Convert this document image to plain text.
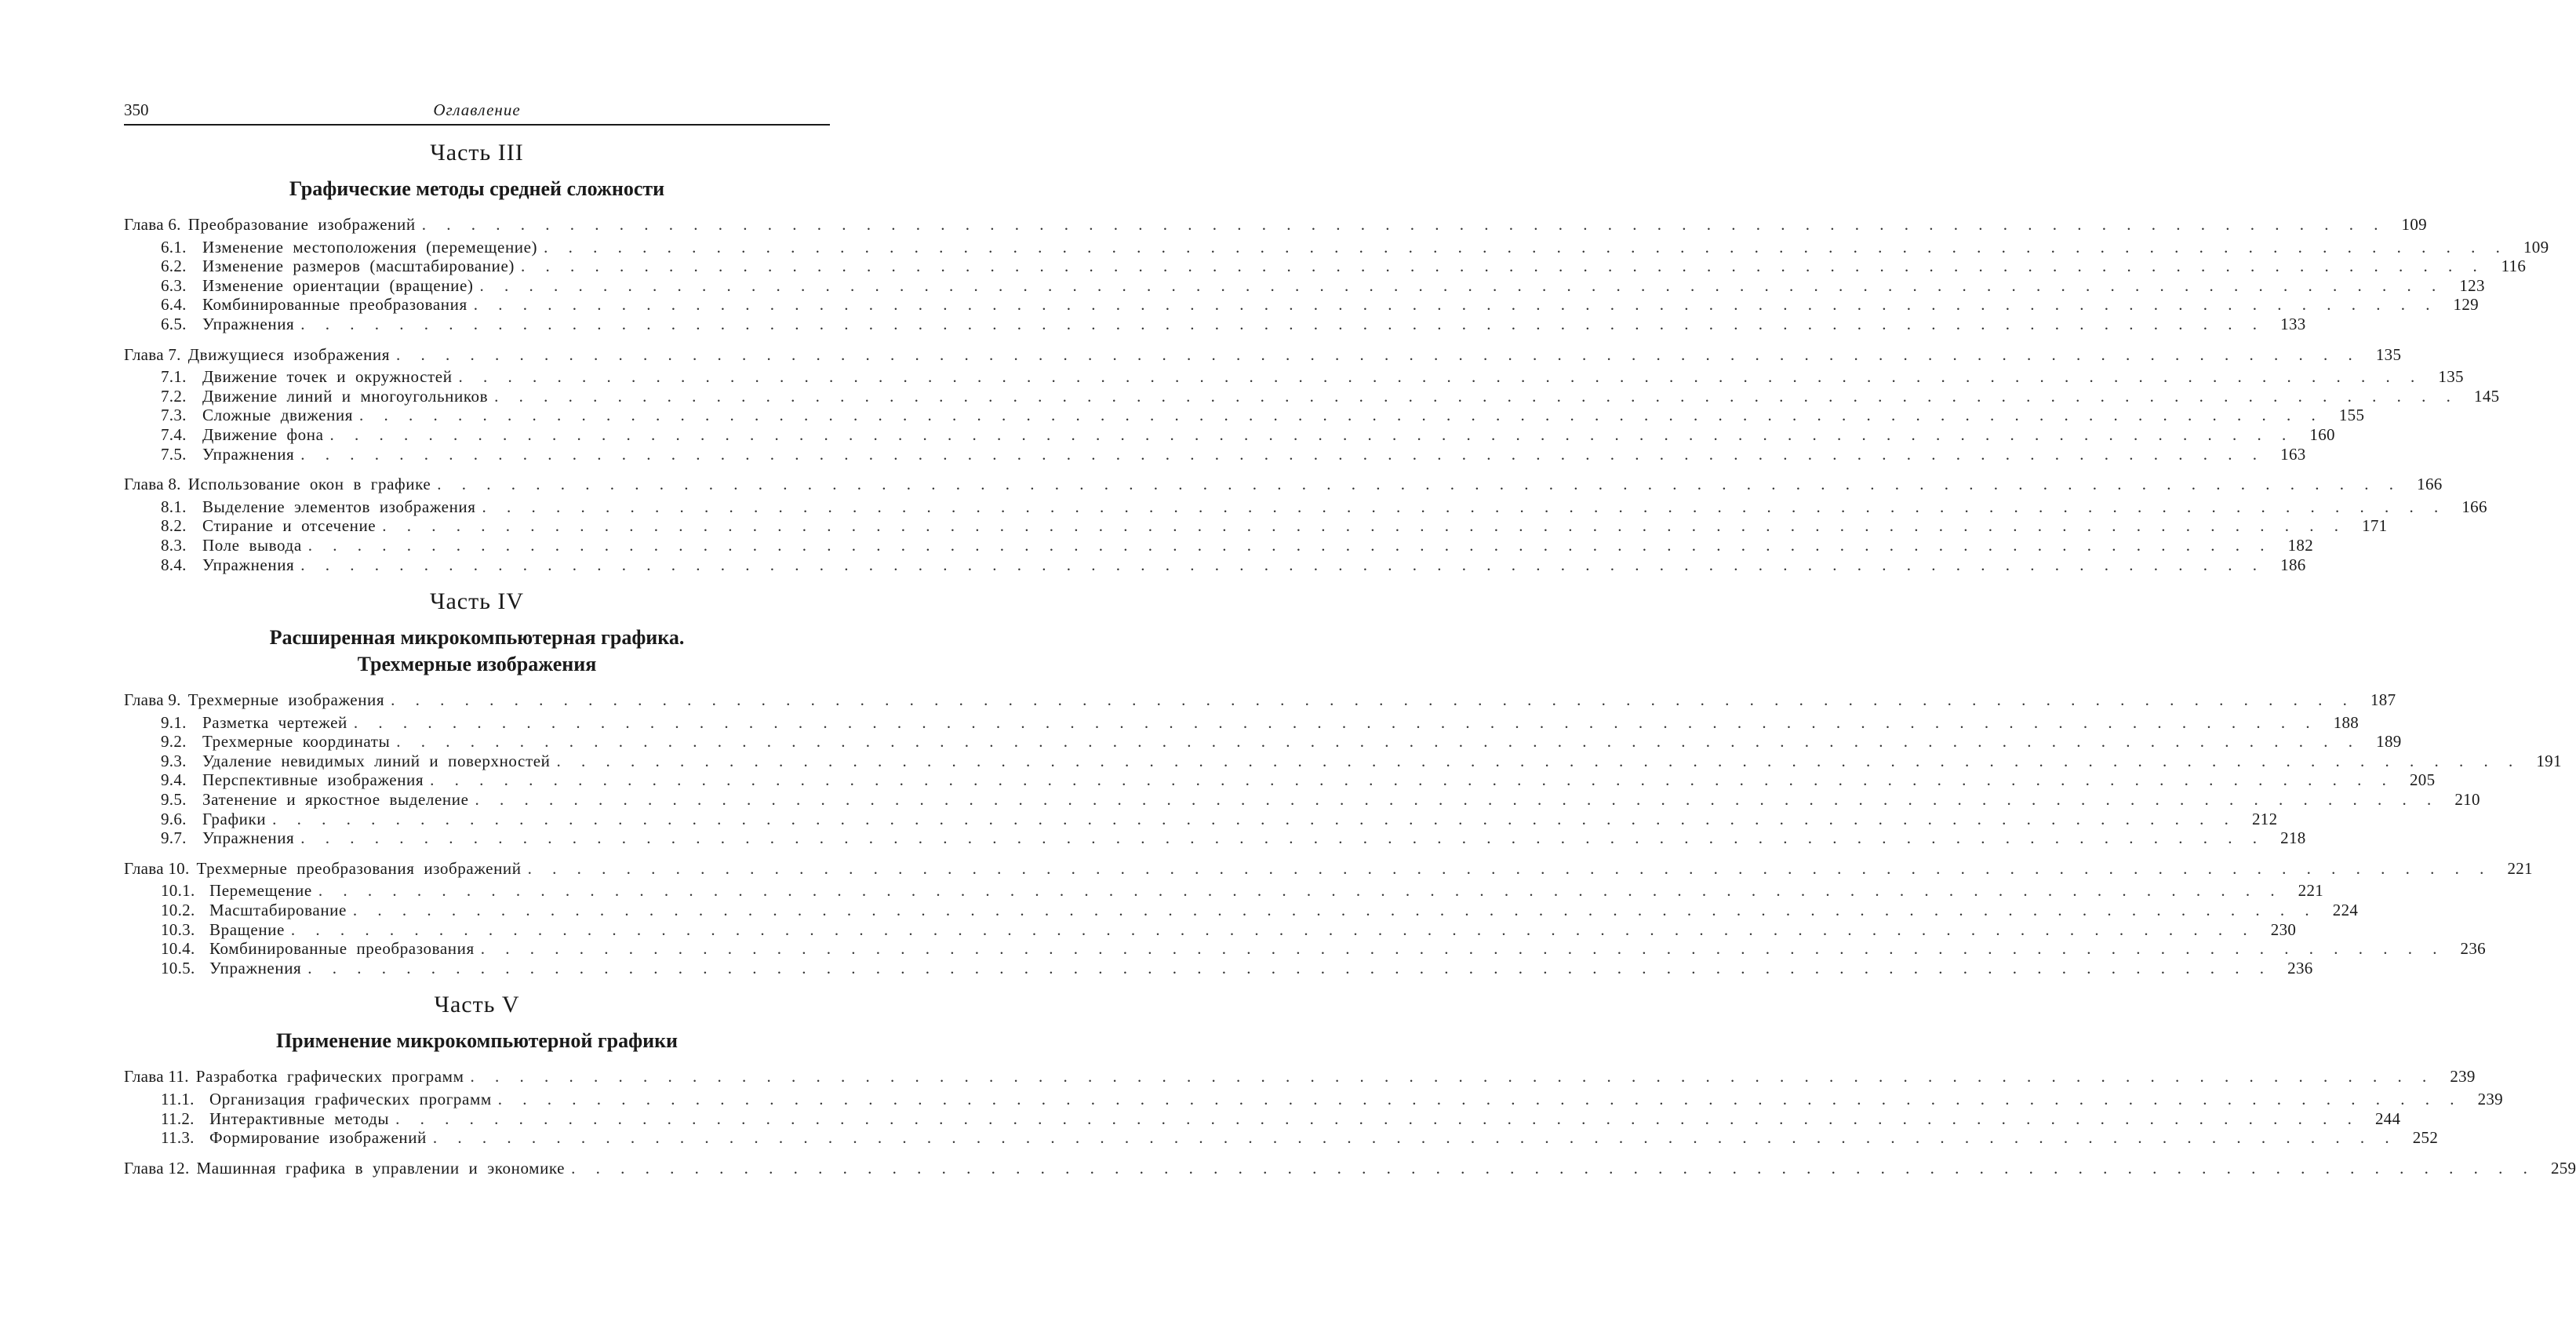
350	Оглавление
Часть III
Графические методы средней сложности
Глава 6. Преобразование изображений . . . . . . . . . . . . . . . . . . . . . . . . . . . . . . . . . . . . . . . . . . . . . . . . . . . . . . . . . . . . . . . . . . . . . . . . . . . . . . . . 109
6.1. Изменение местоположения (перемещение) . . . . . . . . . . . . . . . . . . . . . . . . . . . . . . . . . . . . . . . . . . . . . . . . . . . . . . . . . . . . . . . . . . . . . . . . . . . . . . . . 109
6.2. Изменение размеров (масштабирование) . . . . . . . . . . . . . . . . . . . . . . . . . . . . . . . . . . . . . . . . . . . . . . . . . . . . . . . . . . . . . . . . . . . . . . . . . . . . . . . . 116
6.3. Изменение ориентации (вращение) . . . . . . . . . . . . . . . . . . . . . . . . . . . . . . . . . . . . . . . . . . . . . . . . . . . . . . . . . . . . . . . . . . . . . . . . . . . . . . . . 123
6.4. Комбинированные преобразования . . . . . . . . . . . . . . . . . . . . . . . . . . . . . . . . . . . . . . . . . . . . . . . . . . . . . . . . . . . . . . . . . . . . . . . . . . . . . . . . 129
6.5. Упражнения . . . . . . . . . . . . . . . . . . . . . . . . . . . . . . . . . . . . . . . . . . . . . . . . . . . . . . . . . . . . . . . . . . . . . . . . . . . . . . . . 133
Глава 7. Движущиеся изображения . . . . . . . . . . . . . . . . . . . . . . . . . . . . . . . . . . . . . . . . . . . . . . . . . . . . . . . . . . . . . . . . . . . . . . . . . . . . . . . . 135
7.1. Движение точек и окружностей . . . . . . . . . . . . . . . . . . . . . . . . . . . . . . . . . . . . . . . . . . . . . . . . . . . . . . . . . . . . . . . . . . . . . . . . . . . . . . . . 135
7.2. Движение линий и многоугольников . . . . . . . . . . . . . . . . . . . . . . . . . . . . . . . . . . . . . . . . . . . . . . . . . . . . . . . . . . . . . . . . . . . . . . . . . . . . . . . . 145
7.3. Сложные движения . . . . . . . . . . . . . . . . . . . . . . . . . . . . . . . . . . . . . . . . . . . . . . . . . . . . . . . . . . . . . . . . . . . . . . . . . . . . . . . . 155
7.4. Движение фона . . . . . . . . . . . . . . . . . . . . . . . . . . . . . . . . . . . . . . . . . . . . . . . . . . . . . . . . . . . . . . . . . . . . . . . . . . . . . . . . 160
7.5. Упражнения . . . . . . . . . . . . . . . . . . . . . . . . . . . . . . . . . . . . . . . . . . . . . . . . . . . . . . . . . . . . . . . . . . . . . . . . . . . . . . . . 163
Глава 8. Использование окон в графике . . . . . . . . . . . . . . . . . . . . . . . . . . . . . . . . . . . . . . . . . . . . . . . . . . . . . . . . . . . . . . . . . . . . . . . . . . . . . . . . 166
8.1. Выделение элементов изображения . . . . . . . . . . . . . . . . . . . . . . . . . . . . . . . . . . . . . . . . . . . . . . . . . . . . . . . . . . . . . . . . . . . . . . . . . . . . . . . . 166
8.2. Стирание и отсечение . . . . . . . . . . . . . . . . . . . . . . . . . . . . . . . . . . . . . . . . . . . . . . . . . . . . . . . . . . . . . . . . . . . . . . . . . . . . . . . . 171
8.3. Поле вывода . . . . . . . . . . . . . . . . . . . . . . . . . . . . . . . . . . . . . . . . . . . . . . . . . . . . . . . . . . . . . . . . . . . . . . . . . . . . . . . . 182
8.4. Упражнения . . . . . . . . . . . . . . . . . . . . . . . . . . . . . . . . . . . . . . . . . . . . . . . . . . . . . . . . . . . . . . . . . . . . . . . . . . . . . . . . 186
Часть IV
Расширенная микрокомпьютерная графика.
Трехмерные изображения
Глава 9. Трехмерные изображения . . . . . . . . . . . . . . . . . . . . . . . . . . . . . . . . . . . . . . . . . . . . . . . . . . . . . . . . . . . . . . . . . . . . . . . . . . . . . . . . 187
9.1. Разметка чертежей . . . . . . . . . . . . . . . . . . . . . . . . . . . . . . . . . . . . . . . . . . . . . . . . . . . . . . . . . . . . . . . . . . . . . . . . . . . . . . . . 188
9.2. Трехмерные координаты . . . . . . . . . . . . . . . . . . . . . . . . . . . . . . . . . . . . . . . . . . . . . . . . . . . . . . . . . . . . . . . . . . . . . . . . . . . . . . . . 189
9.3. Удаление невидимых линий и поверхностей . . . . . . . . . . . . . . . . . . . . . . . . . . . . . . . . . . . . . . . . . . . . . . . . . . . . . . . . . . . . . . . . . . . . . . . . . . . . . . . . 191
9.4. Перспективные изображения . . . . . . . . . . . . . . . . . . . . . . . . . . . . . . . . . . . . . . . . . . . . . . . . . . . . . . . . . . . . . . . . . . . . . . . . . . . . . . . . 205
9.5. Затенение и яркостное выделение . . . . . . . . . . . . . . . . . . . . . . . . . . . . . . . . . . . . . . . . . . . . . . . . . . . . . . . . . . . . . . . . . . . . . . . . . . . . . . . . 210
9.6. Графики . . . . . . . . . . . . . . . . . . . . . . . . . . . . . . . . . . . . . . . . . . . . . . . . . . . . . . . . . . . . . . . . . . . . . . . . . . . . . . . . 212
9.7. Упражнения . . . . . . . . . . . . . . . . . . . . . . . . . . . . . . . . . . . . . . . . . . . . . . . . . . . . . . . . . . . . . . . . . . . . . . . . . . . . . . . . 218
Глава 10. Трехмерные преобразования изображений . . . . . . . . . . . . . . . . . . . . . . . . . . . . . . . . . . . . . . . . . . . . . . . . . . . . . . . . . . . . . . . . . . . . . . . . . . . . . . . . 221
10.1. Перемещение . . . . . . . . . . . . . . . . . . . . . . . . . . . . . . . . . . . . . . . . . . . . . . . . . . . . . . . . . . . . . . . . . . . . . . . . . . . . . . . . 221
10.2. Масштабирование . . . . . . . . . . . . . . . . . . . . . . . . . . . . . . . . . . . . . . . . . . . . . . . . . . . . . . . . . . . . . . . . . . . . . . . . . . . . . . . . 224
10.3. Вращение . . . . . . . . . . . . . . . . . . . . . . . . . . . . . . . . . . . . . . . . . . . . . . . . . . . . . . . . . . . . . . . . . . . . . . . . . . . . . . . . 230
10.4. Комбинированные преобразования . . . . . . . . . . . . . . . . . . . . . . . . . . . . . . . . . . . . . . . . . . . . . . . . . . . . . . . . . . . . . . . . . . . . . . . . . . . . . . . . 236
10.5. Упражнения . . . . . . . . . . . . . . . . . . . . . . . . . . . . . . . . . . . . . . . . . . . . . . . . . . . . . . . . . . . . . . . . . . . . . . . . . . . . . . . . 236
Часть V
Применение микрокомпьютерной графики
Глава 11. Разработка графических программ . . . . . . . . . . . . . . . . . . . . . . . . . . . . . . . . . . . . . . . . . . . . . . . . . . . . . . . . . . . . . . . . . . . . . . . . . . . . . . . . 239
11.1. Организация графических программ . . . . . . . . . . . . . . . . . . . . . . . . . . . . . . . . . . . . . . . . . . . . . . . . . . . . . . . . . . . . . . . . . . . . . . . . . . . . . . . . 239
11.2. Интерактивные методы . . . . . . . . . . . . . . . . . . . . . . . . . . . . . . . . . . . . . . . . . . . . . . . . . . . . . . . . . . . . . . . . . . . . . . . . . . . . . . . . 244
11.3. Формирование изображений . . . . . . . . . . . . . . . . . . . . . . . . . . . . . . . . . . . . . . . . . . . . . . . . . . . . . . . . . . . . . . . . . . . . . . . . . . . . . . . . 252
Глава 12. Машинная графика в управлении и экономике . . . . . . . . . . . . . . . . . . . . . . . . . . . . . . . . . . . . . . . . . . . . . . . . . . . . . . . . . . . . . . . . . . . . . . . . . . . . . . . . 259
